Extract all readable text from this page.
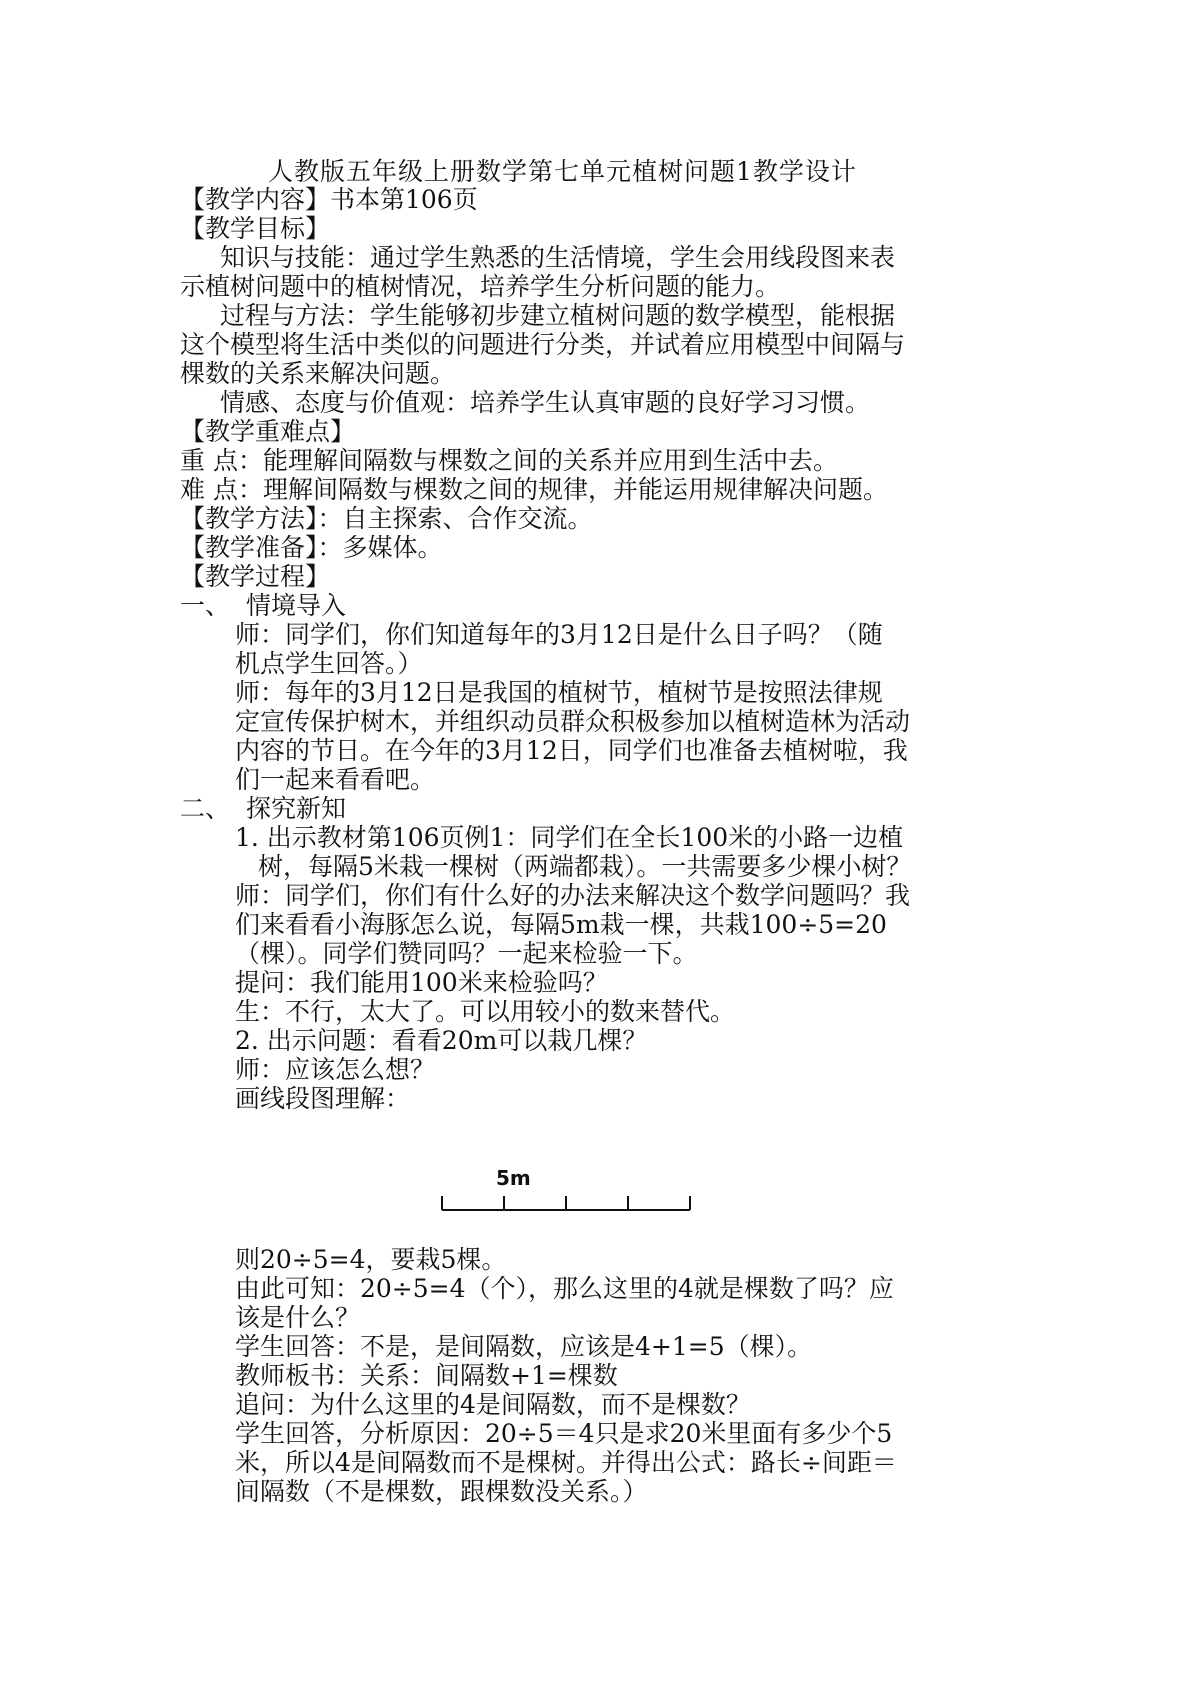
人教版五年级上册数学第七单元植树问题1教学设计
【教学内容】书本第106页
【教学目标】
知识与技能：通过学生熟悉的生活情境，学生会用线段图来表
示植树问题中的植树情况，培养学生分析问题的能力。
过程与方法：学生能够初步建立植树问题的数学模型，能根据
这个模型将生活中类似的问题进行分类，并试着应用模型中间隔与
棵数的关系来解决问题。
情感、态度与价值观：培养学生认真审题的良好学习习惯。
【教学重难点】
重 点：能理解间隔数与棵数之间的关系并应用到生活中去。
难 点：理解间隔数与棵数之间的规律，并能运用规律解决问题。
【教学方法】：自主探索、合作交流。
【教学准备】：多媒体。
【教学过程】
一、 情境导入
师：同学们，你们知道每年的3月12日是什么日子吗？（随
机点学生回答。）
师：每年的3月12日是我国的植树节，植树节是按照法律规
定宣传保护树木，并组织动员群众积极参加以植树造林为活动
内容的节日。在今年的3月12日，同学们也准备去植树啦，我
们一起来看看吧。
二、 探究新知
1. 出示教材第106页例1：同学们在全长100米的小路一边植
树，每隔5米栽一棵树（两端都栽）。一共需要多少棵小树？
师：同学们，你们有什么好的办法来解决这个数学问题吗？我
们来看看小海豚怎么说，每隔5m栽一棵，共栽100÷5=20
（棵）。同学们赞同吗？一起来检验一下。
提问：我们能用100米来检验吗？
生：不行，太大了。可以用较小的数来替代。
2. 出示问题：看看20m可以栽几棵？
师：应该怎么想？
画线段图理解：
5m
则20÷5=4，要栽5棵。
由此可知：20÷5=4（个），那么这里的4就是棵数了吗？应
该是什么？
学生回答：不是，是间隔数，应该是4+1=5（棵）。
教师板书：关系：间隔数+1=棵数
追问：为什么这里的4是间隔数，而不是棵数？
学生回答，分析原因：20÷5＝4只是求20米里面有多少个5
米，所以4是间隔数而不是棵树。并得出公式：路长÷间距＝
间隔数（不是棵数，跟棵数没关系。）
